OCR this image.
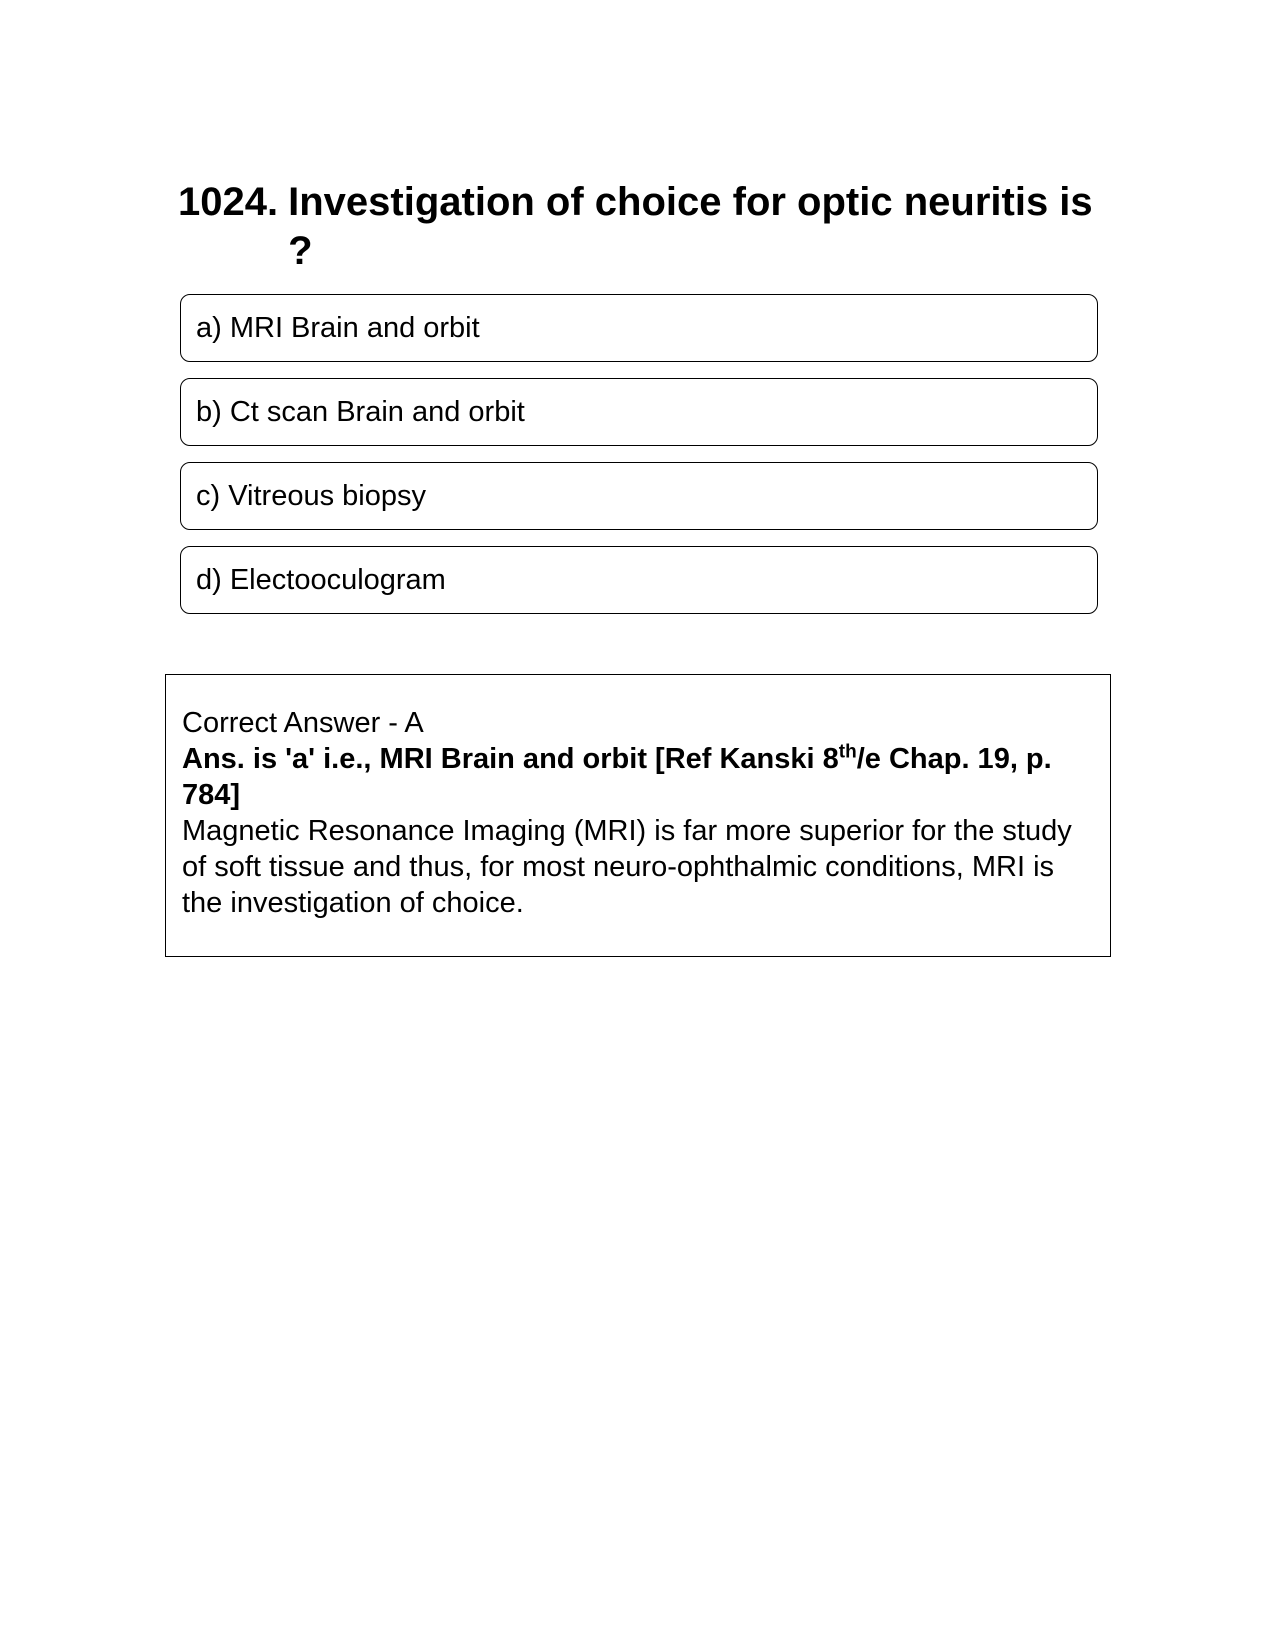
1024. Investigation of choice for optic neuritis is ?
a) MRI Brain and orbit
b) Ct scan Brain and orbit
c) Vitreous biopsy
d) Electooculogram
Correct Answer - A
Ans. is 'a' i.e., MRI Brain and orbit [Ref Kanski 8th/e Chap. 19, p. 784]
Magnetic Resonance Imaging (MRI) is far more superior for the study of soft tissue and thus, for most neuro-ophthalmic conditions, MRI is the investigation of choice.
